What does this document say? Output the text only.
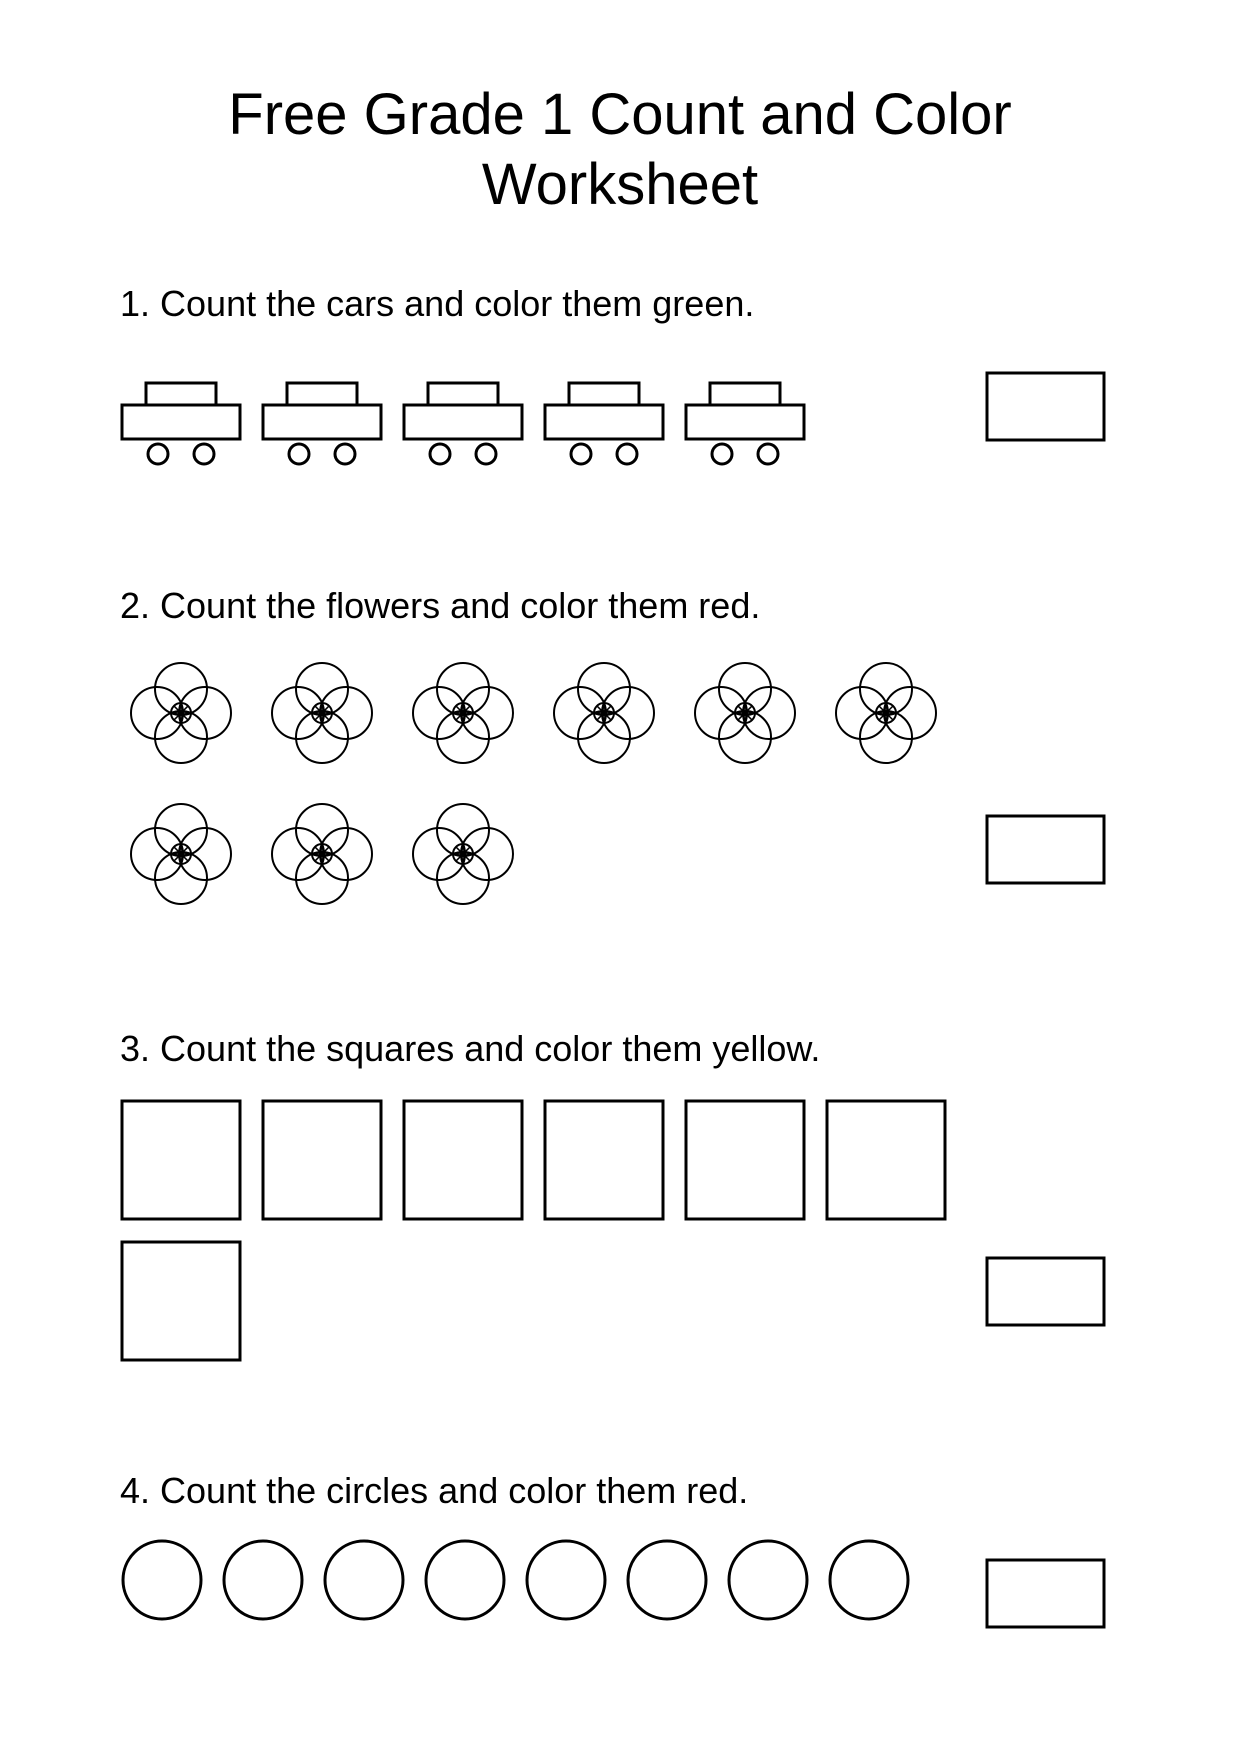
Free Grade 1 Count and Color
Worksheet
1. Count the cars and color them green.
2. Count the flowers and color them red.
3. Count the squares and color them yellow.
4. Count the circles and color them red.
